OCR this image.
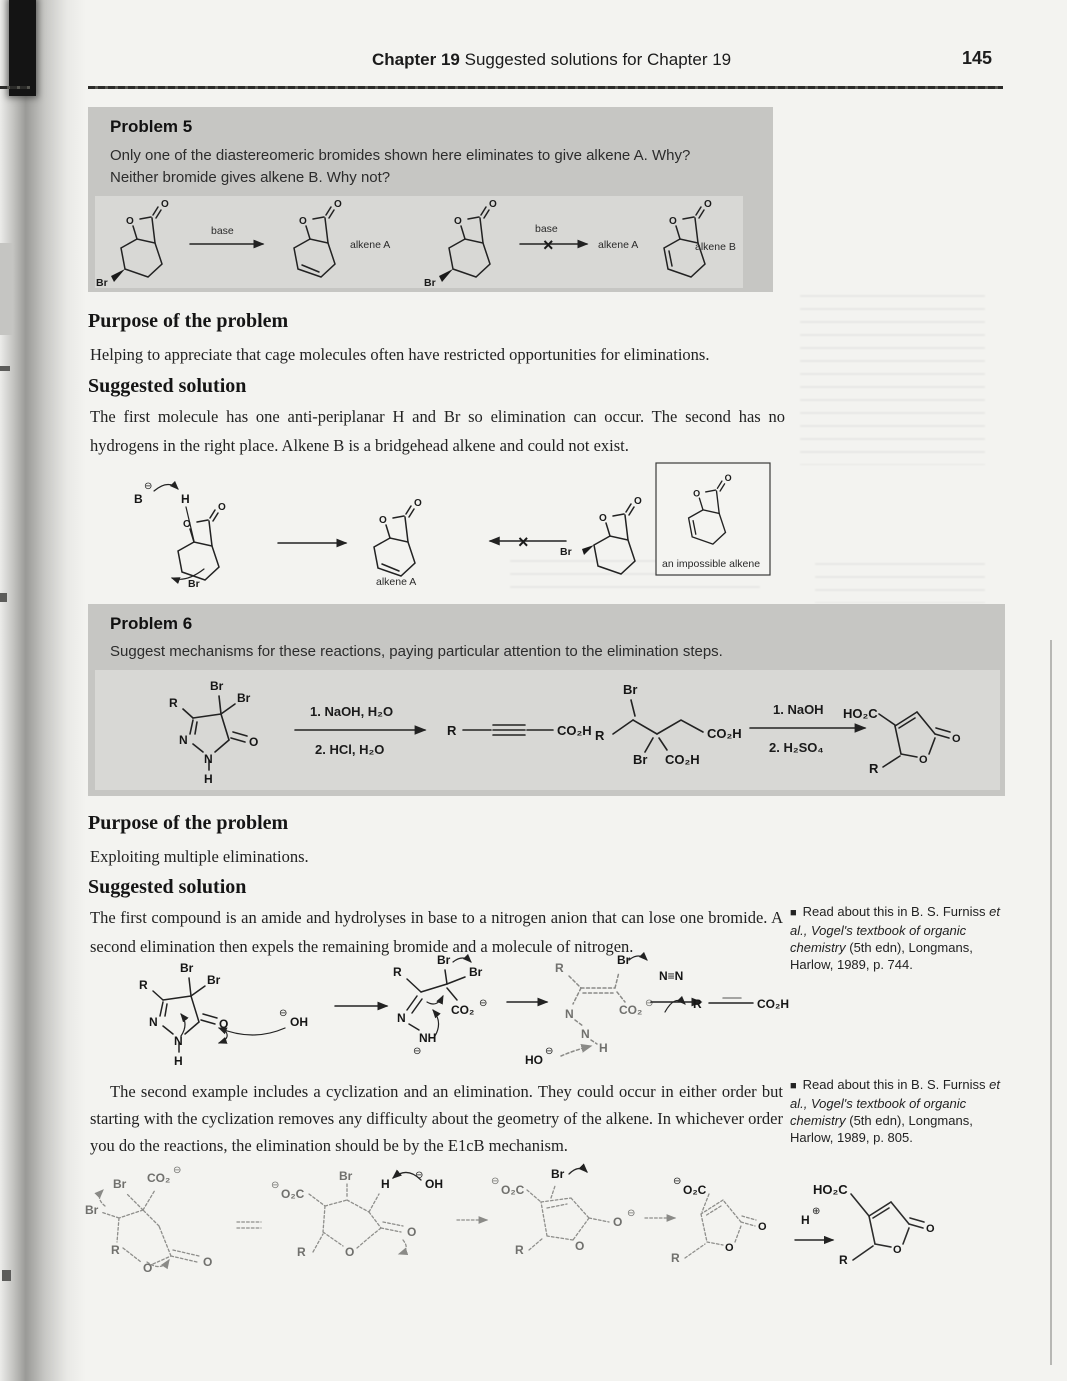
Chapter 19 Suggested solutions for Chapter 19	145
Problem 5
Only one of the diastereomeric bromides shown here eliminates to give alkene A. Why?
Neither bromide gives alkene B. Why not?
Br
base
alkene A
Br
base
×	alkene A	alkene B
Purpose of the problem
Helping to appreciate that cage molecules often have restricted opportunities for eliminations.
Suggested solution
The first molecule has one anti-periplanar H and Br so elimination can occur. The second has no hydrogens in the right place. Alkene B is a bridgehead alkene and could not exist.
B
⊖
H
Br	alkene A
×	Br
an impossible alkene
Problem 6
Suggest mechanisms for these reactions, paying particular attention to the elimination steps.
1. NaOH, H₂O
2. HCl, H₂O
R	CO₂H R
Br
Br CO₂H
CO₂H
1. NaOH
2. H₂SO₄
HO₂C
R
Purpose of the problem
Exploiting multiple eliminations.
Suggested solution
The first compound is an amide and hydrolyses in base to a nitrogen anion that can lose one bromide. A second elimination then expels the remaining bromide and a molecule of nitrogen.
■ Read about this in B. S. Furniss et al., Vogel's textbook of organic chemistry (5th edn), Longmans, Harlow, 1989, p. 744.
⊖
OH
R
N
NH
⊖
Br
Br
CO₂ ⊖
R
Br
CO₂ ⊖
N
N
H
HO
⊖
N≡N
R	CO₂H
The second example includes a cyclization and an elimination. They could occur in either order but starting with the cyclization removes any difficulty about the geometry of the alkene. In whichever order you do the reactions, the elimination should be by the E1cB mechanism.
■ Read about this in B. S. Furniss et al., Vogel's textbook of organic chemistry (5th edn), Longmans, Harlow, 1989, p. 805.
Br CO₂
⊖
Br
R
O	O
⊖
O₂C
Br
O
O
R
H
⊖
OH	⊖
O₂C
O
O
⊖
R
Br
⊖
O₂C
R
H
⊕
HO₂C
R
